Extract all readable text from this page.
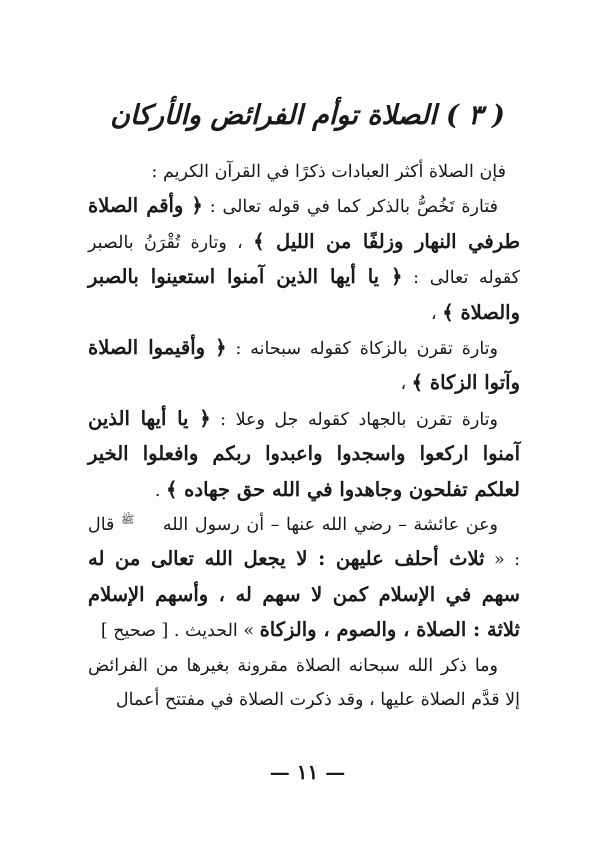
( ٣ ) الصلاة توأم الفرائض والأركان

فإن الصلاة أكثر العبادات ذكرًا في القرآن الكريم :

فتارة تَخُصُّ بالذكر كما في قوله تعالى : ﴿ وأقم الصلاة طرفي النهار وزلفًا من الليل ﴾ ، وتارة تُقْرَنُ بالصبر كقوله تعالى : ﴿ يا أيها الذين آمنوا استعينوا بالصبر والصلاة ﴾ ،

وتارة تقرن بالزكاة كقوله سبحانه : ﴿ وأقيموا الصلاة وآتوا الزكاة ﴾ ،

وتارة تقرن بالجهاد كقوله جل وعلا : ﴿ يا أيها الذين آمنوا اركعوا واسجدوا واعبدوا ربكم وافعلوا الخير لعلكم تفلحون وجاهدوا في الله حق جهاده ﴾ .

وعن عائشة – رضي الله عنها – أن رسول الله ﷺ قال : « ثلاث أحلف عليهن : لا يجعل الله تعالى من له سهم في الإسلام كمن لا سهم له ، وأسهم الإسلام ثلاثة : الصلاة ، والصوم ، والزكاة » الحديث . [ صحيح ]

وما ذكر الله سبحانه الصلاة مقرونة بغيرها من الفرائض إلا قدَّم الصلاة عليها ، وقد ذكرت الصلاة في مفتتح أعمال

— ١١ —
